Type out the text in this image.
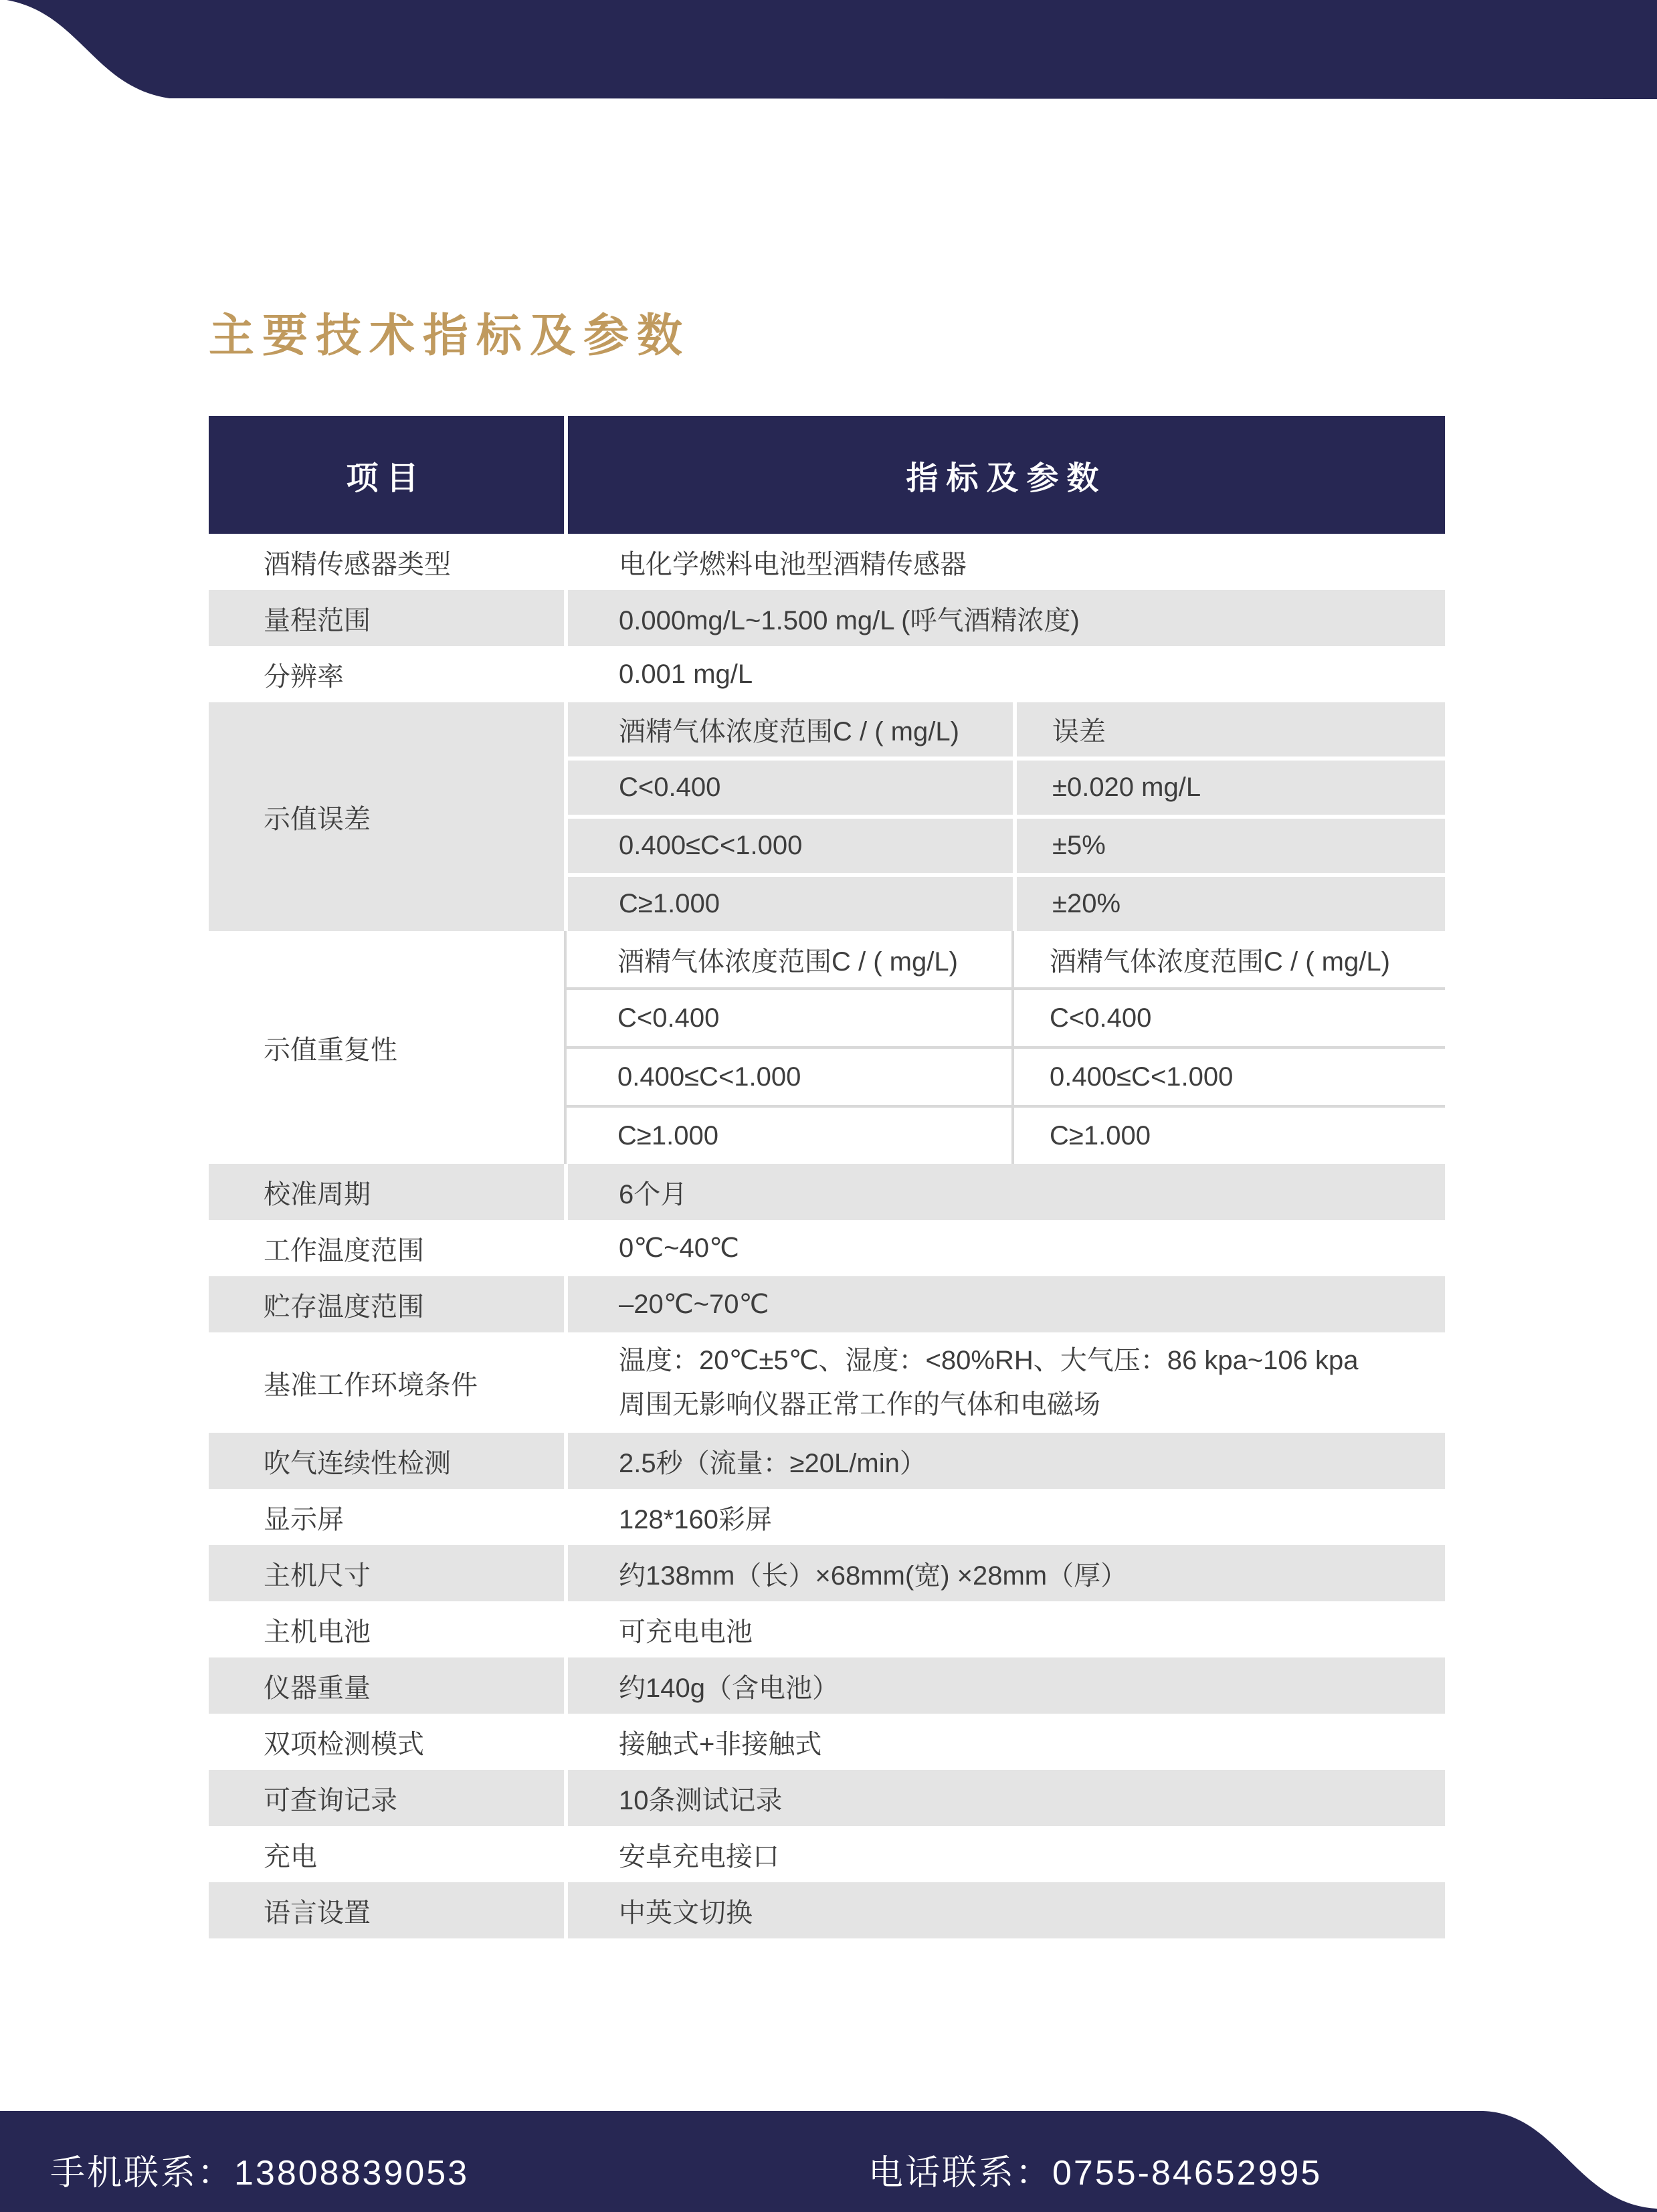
主要技术指标及参数
项目	指标及参数
酒精传感器类型	电化学燃料电池型酒精传感器
量程范围	0.000mg/L~1.500 mg/L (呼气酒精浓度)
分辨率	0.001 mg/L
示值误差
酒精气体浓度范围C / ( mg/L)	误差
C<0.400	±0.020 mg/L
0.400≤C<1.000	±5%
C≥1.000	±20%
示值重复性
酒精气体浓度范围C / ( mg/L)	酒精气体浓度范围C / ( mg/L)
C<0.400	C<0.400
0.400≤C<1.000	0.400≤C<1.000
C≥1.000	C≥1.000
校准周期	6个月
工作温度范围	0℃~40℃
贮存温度范围	–20℃~70℃
基准工作环境条件
温度：20℃±5℃、湿度：<80%RH、大气压：86 kpa~106 kpa
周围无影响仪器正常工作的气体和电磁场
吹气连续性检测	2.5秒（流量：≥20L/min）
显示屏	128*160彩屏
主机尺寸	约138mm（长）×68mm(宽) ×28mm（厚）
主机电池	可充电电池
仪器重量	约140g（含电池）
双项检测模式	接触式+非接触式
可查询记录	10条测试记录
充电	安卓充电接口
语言设置	中英文切换
手机联系：13808839053	电话联系：0755-84652995
